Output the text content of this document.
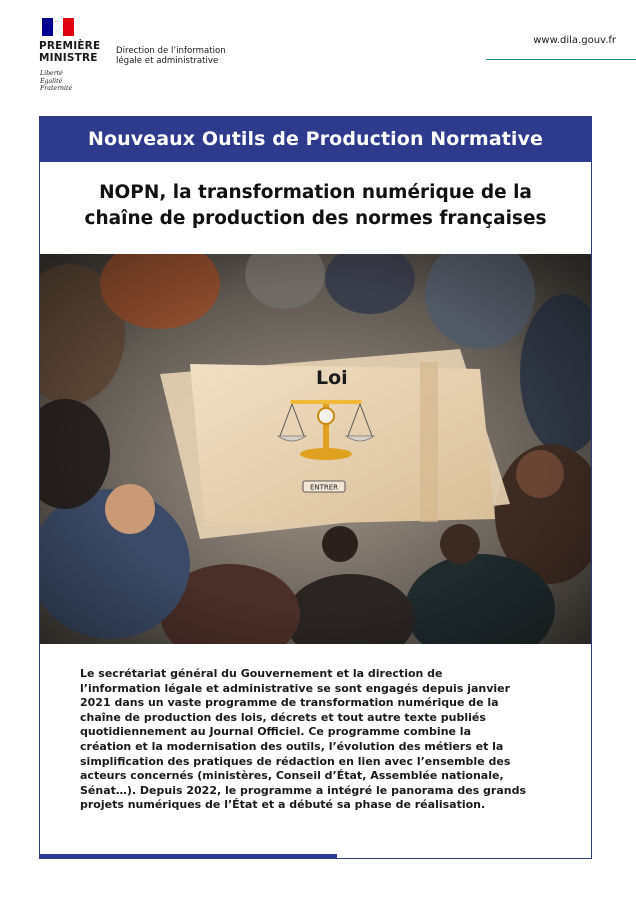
PREMIÈRE
MINISTRE
Liberté
Égalité
Fraternité
Direction de l’information
légale et administrative
www.dila.gouv.fr
Nouveaux Outils de Production Normative
NOPN, la transformation numérique de la
chaîne de production des normes françaises
Le secrétariat général du Gouvernement et la direction de
l’information légale et administrative se sont engagés depuis janvier
2021 dans un vaste programme de transformation numérique de la
chaîne de production des lois, décrets et tout autre texte publiés
quotidiennement au Journal Officiel. Ce programme combine la
création et la modernisation des outils, l’évolution des métiers et la
simplification des pratiques de rédaction en lien avec l’ensemble des
acteurs concernés (ministères, Conseil d’État, Assemblée nationale,
Sénat…). Depuis 2022, le programme a intégré le panorama des grands
projets numériques de l’État et a débuté sa phase de réalisation.
